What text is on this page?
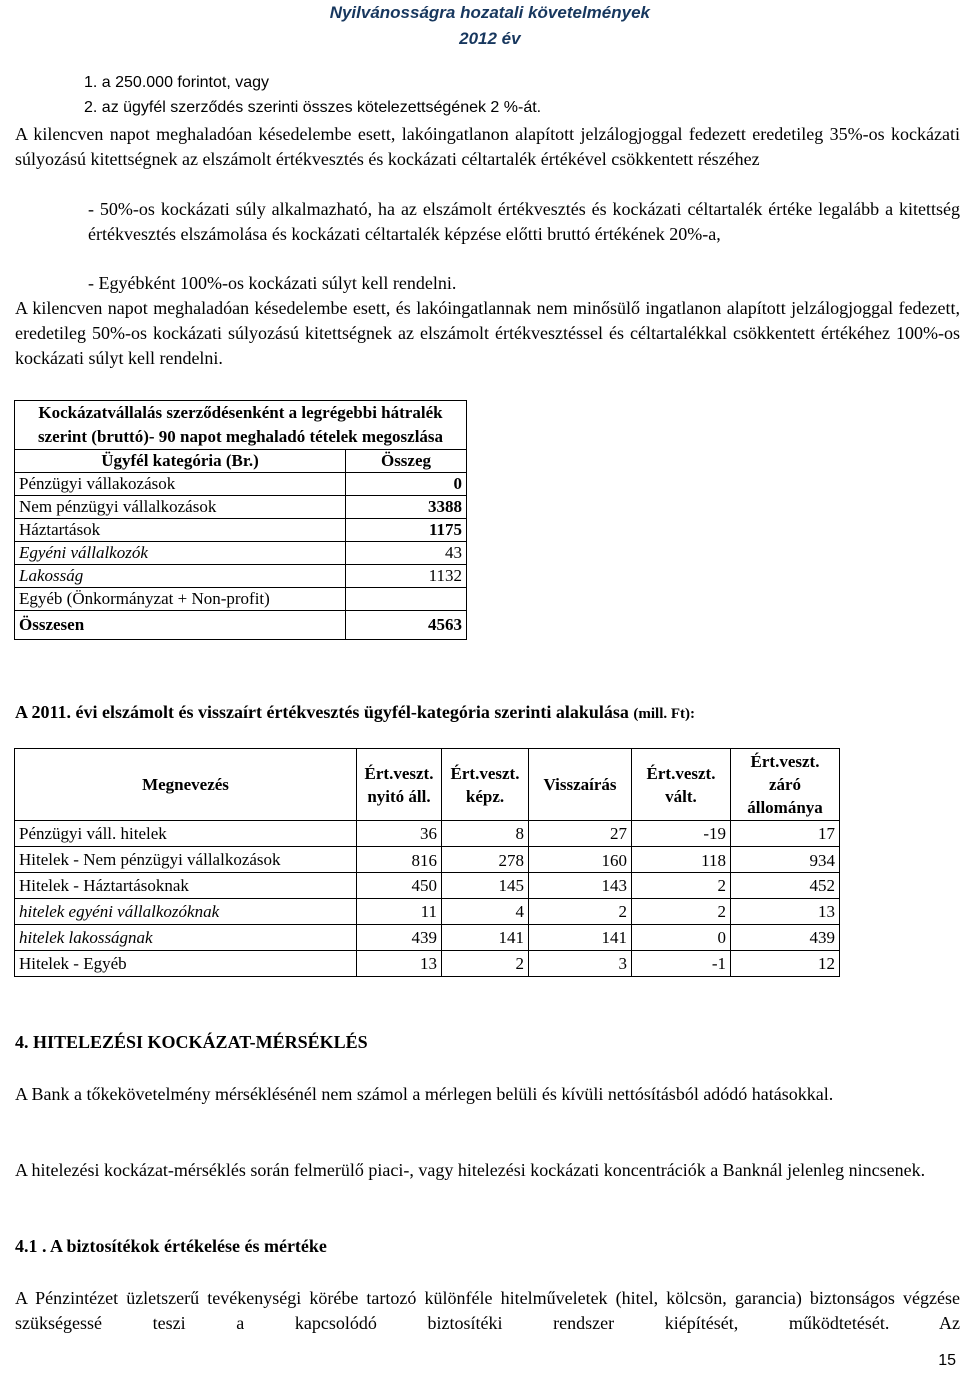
Nyilvánosságra hozatali követelmények
2012 év
1. a 250.000 forintot, vagy
2. az ügyfél szerződés szerinti összes kötelezettségének 2 %-át.
A kilencven napot meghaladóan késedelembe esett, lakóingatlanon alapított jelzálogjoggal fedezett eredetileg 35%-os kockázati súlyozású kitettségnek az elszámolt értékvesztés és kockázati céltartalék értékével csökkentett részéhez
- 50%-os kockázati súly alkalmazható, ha az elszámolt értékvesztés és kockázati céltartalék értéke legalább a kitettség értékvesztés elszámolása és kockázati céltartalék képzése előtti bruttó értékének 20%-a,
- Egyébként 100%-os kockázati súlyt kell rendelni.
A kilencven napot meghaladóan késedelembe esett, és lakóingatlannak nem minősülő ingatlanon alapított jelzálogjoggal fedezett, eredetileg 50%-os kockázati súlyozású kitettségnek az elszámolt értékvesztéssel és céltartalékkal csökkentett értékéhez 100%-os kockázati súlyt kell rendelni.
Kockázatvállalás szerződésenként a legrégebbi hátralék szerint (bruttó)- 90 napot meghaladó tételek megoszlása	
Ügyfél kategória (Br.)	Összeg
Pénzügyi vállakozások	0
Nem pénzügyi vállalkozások	3388
Háztartások	1175
Egyéni vállalkozók	43
Lakosság	1132
Egyéb (Önkormányzat + Non-profit)	
Összesen	4563
A 2011. évi elszámolt és visszaírt értékvesztés ügyfél-kategória szerinti alakulása (mill. Ft):
Megnevezés	Ért.veszt. nyitó áll.	Ért.veszt. képz.	Visszaírás	Ért.veszt. vált.	Ért.veszt. záró állománya
Pénzügyi váll. hitelek	36	8	27	-19	17
Hitelek - Nem pénzügyi vállalkozások	816	278	160	118	934
Hitelek - Háztartásoknak	450	145	143	2	452
hitelek egyéni vállalkozóknak	11	4	2	2	13
hitelek lakosságnak	439	141	141	0	439
Hitelek - Egyéb	13	2	3	-1	12
4. HITELEZÉSI KOCKÁZAT-MÉRSÉKLÉS
A Bank a tőkekövetelmény mérséklésénél nem számol a mérlegen belüli és kívüli nettósításból adódó hatásokkal.
A hitelezési kockázat-mérséklés során felmerülő piaci-, vagy hitelezési kockázati koncentrációk a Banknál jelenleg nincsenek.
4.1 . A biztosítékok értékelése és mértéke
A Pénzintézet üzletszerű tevékenységi körébe tartozó különféle hitelműveletek (hitel, kölcsön, garancia) biztonságos végzése szükségessé teszi a kapcsolódó biztosítéki rendszer kiépítését, működtetését. Az
15
